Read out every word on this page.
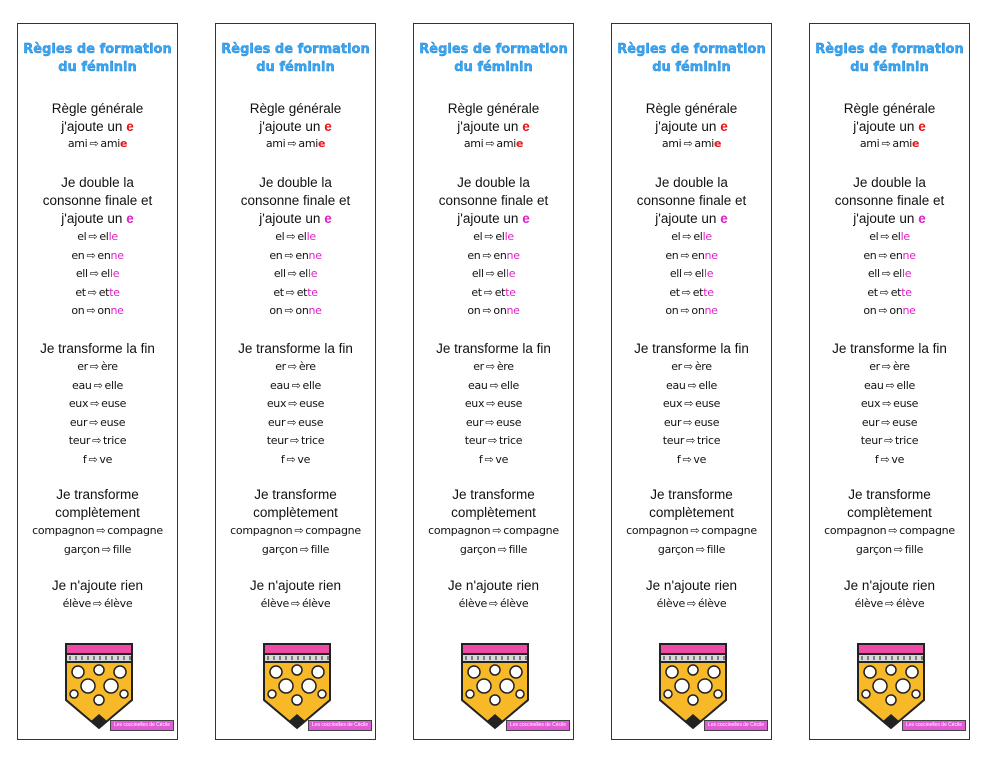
Règles de formation
du féminin
Règle générale
j'ajoute un e
ami ⇨ amie
Je double la
consonne finale et
j'ajoute un e
el ⇨ elle
en ⇨ enne
ell ⇨ elle
et ⇨ ette
on ⇨ onne
Je transforme la fin
er ⇨ ère
eau ⇨ elle
eux ⇨ euse
eur ⇨ euse
teur ⇨ trice
f ⇨ ve
Je transforme
complètement
compagnon ⇨ compagne
garçon ⇨ fille
Je n'ajoute rien
élève ⇨ élève
Les coccinelles de Cécile
Règles de formation
du féminin
Règle générale
j'ajoute un e
ami ⇨ amie
Je double la
consonne finale et
j'ajoute un e
el ⇨ elle
en ⇨ enne
ell ⇨ elle
et ⇨ ette
on ⇨ onne
Je transforme la fin
er ⇨ ère
eau ⇨ elle
eux ⇨ euse
eur ⇨ euse
teur ⇨ trice
f ⇨ ve
Je transforme
complètement
compagnon ⇨ compagne
garçon ⇨ fille
Je n'ajoute rien
élève ⇨ élève
Les coccinelles de Cécile
Règles de formation
du féminin
Règle générale
j'ajoute un e
ami ⇨ amie
Je double la
consonne finale et
j'ajoute un e
el ⇨ elle
en ⇨ enne
ell ⇨ elle
et ⇨ ette
on ⇨ onne
Je transforme la fin
er ⇨ ère
eau ⇨ elle
eux ⇨ euse
eur ⇨ euse
teur ⇨ trice
f ⇨ ve
Je transforme
complètement
compagnon ⇨ compagne
garçon ⇨ fille
Je n'ajoute rien
élève ⇨ élève
Les coccinelles de Cécile
Règles de formation
du féminin
Règle générale
j'ajoute un e
ami ⇨ amie
Je double la
consonne finale et
j'ajoute un e
el ⇨ elle
en ⇨ enne
ell ⇨ elle
et ⇨ ette
on ⇨ onne
Je transforme la fin
er ⇨ ère
eau ⇨ elle
eux ⇨ euse
eur ⇨ euse
teur ⇨ trice
f ⇨ ve
Je transforme
complètement
compagnon ⇨ compagne
garçon ⇨ fille
Je n'ajoute rien
élève ⇨ élève
Les coccinelles de Cécile
Règles de formation
du féminin
Règle générale
j'ajoute un e
ami ⇨ amie
Je double la
consonne finale et
j'ajoute un e
el ⇨ elle
en ⇨ enne
ell ⇨ elle
et ⇨ ette
on ⇨ onne
Je transforme la fin
er ⇨ ère
eau ⇨ elle
eux ⇨ euse
eur ⇨ euse
teur ⇨ trice
f ⇨ ve
Je transforme
complètement
compagnon ⇨ compagne
garçon ⇨ fille
Je n'ajoute rien
élève ⇨ élève
Les coccinelles de Cécile
